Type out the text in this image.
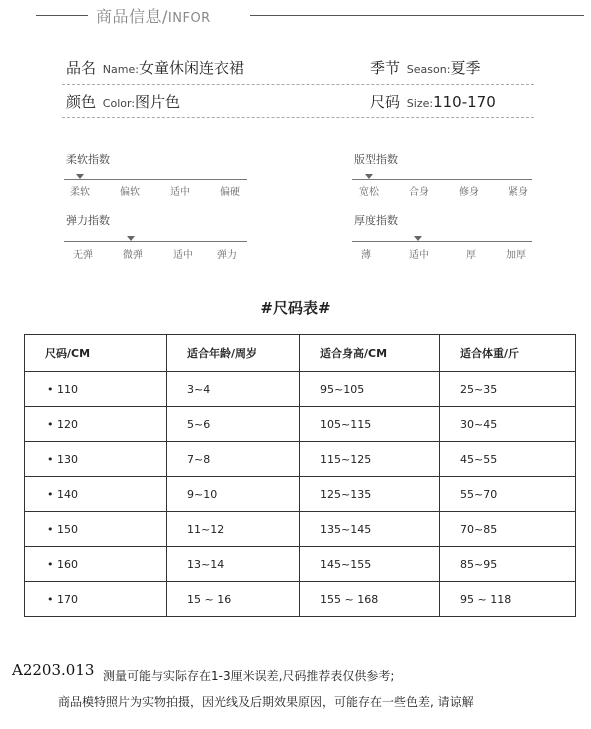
商品信息/INFOR
品名 Name:女童休闲连衣裙	季节 Season:夏季
颜色 Color:图片色	尺码 Size:110-170
柔软指数
柔软	偏软	适中	偏硬
版型指数
宽松	合身	修身	紧身
弹力指数
无弹	微弹	适中	弹力
厚度指数
薄	适中	厚	加厚
#尺码表#
尺码/CM	适合年龄/周岁	适合身高/CM	适合体重/斤
• 110	3~4	95~105	25~35
• 120	5~6	105~115	30~45
• 130	7~8	115~125	45~55
• 140	9~10	125~135	55~70
• 150	11~12	135~145	70~85
• 160	13~14	145~155	85~95
• 170	15 ~ 16	155 ~ 168	95 ~ 118
A2203.013 测量可能与实际存在1-3厘米误差,尺码推荐表仅供参考;
商品模特照片为实物拍摄，因光线及后期效果原因，可能存在一些色差, 请谅解
